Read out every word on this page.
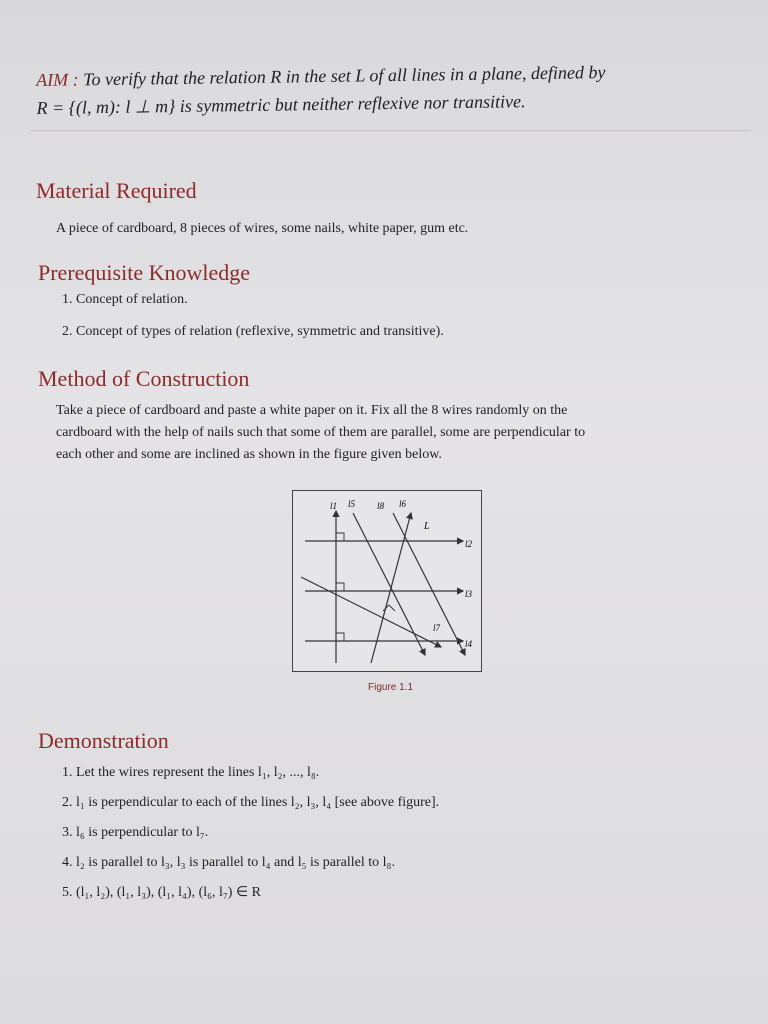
AIM : To verify that the relation R in the set L of all lines in a plane, defined by
R = {(l, m): l ⊥ m} is symmetric but neither reflexive nor transitive.
Material Required
A piece of cardboard, 8 pieces of wires, some nails, white paper, gum etc.
Prerequisite Knowledge
1. Concept of relation.
2. Concept of types of relation (reflexive, symmetric and transitive).
Method of Construction
Take a piece of cardboard and paste a white paper on it. Fix all the 8 wires randomly on the
cardboard with the help of nails such that some of them are parallel, some are perpendicular to
each other and some are inclined as shown in the figure given below.
l1 l5 l8 l6
L
l2
l3
l7
l4
Figure 1.1
Demonstration
1. Let the wires represent the lines l₁, l₂, ..., l₈.
2. l₁ is perpendicular to each of the lines l₂, l₃, l₄ [see above figure].
3. l₆ is perpendicular to l₇.
4. l₂ is parallel to l₃, l₃ is parallel to l₄ and l₅ is parallel to l₈.
5. (l₁, l₂), (l₁, l₃), (l₁, l₄), (l₆, l₇) ∈ R
